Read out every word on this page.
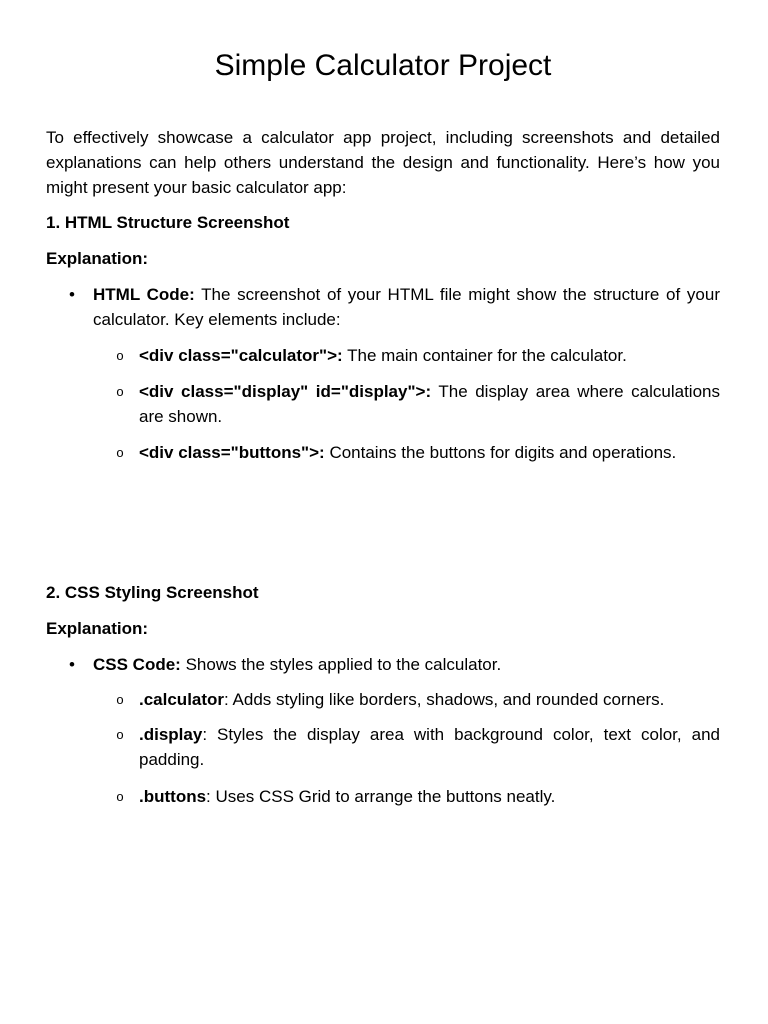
Simple Calculator Project

To effectively showcase a calculator app project, including screenshots and detailed explanations can help others understand the design and functionality. Here’s how you might present your basic calculator app:

1. HTML Structure Screenshot
Explanation:
• HTML Code: The screenshot of your HTML file might show the structure of your calculator. Key elements include:
o <div class="calculator">: The main container for the calculator.
o <div class="display" id="display">: The display area where calculations are shown.
o <div class="buttons">: Contains the buttons for digits and operations.
2. CSS Styling Screenshot
Explanation:
• CSS Code: Shows the styles applied to the calculator.
o .calculator: Adds styling like borders, shadows, and rounded corners.
o .display: Styles the display area with background color, text color, and padding.
o .buttons: Uses CSS Grid to arrange the buttons neatly.
